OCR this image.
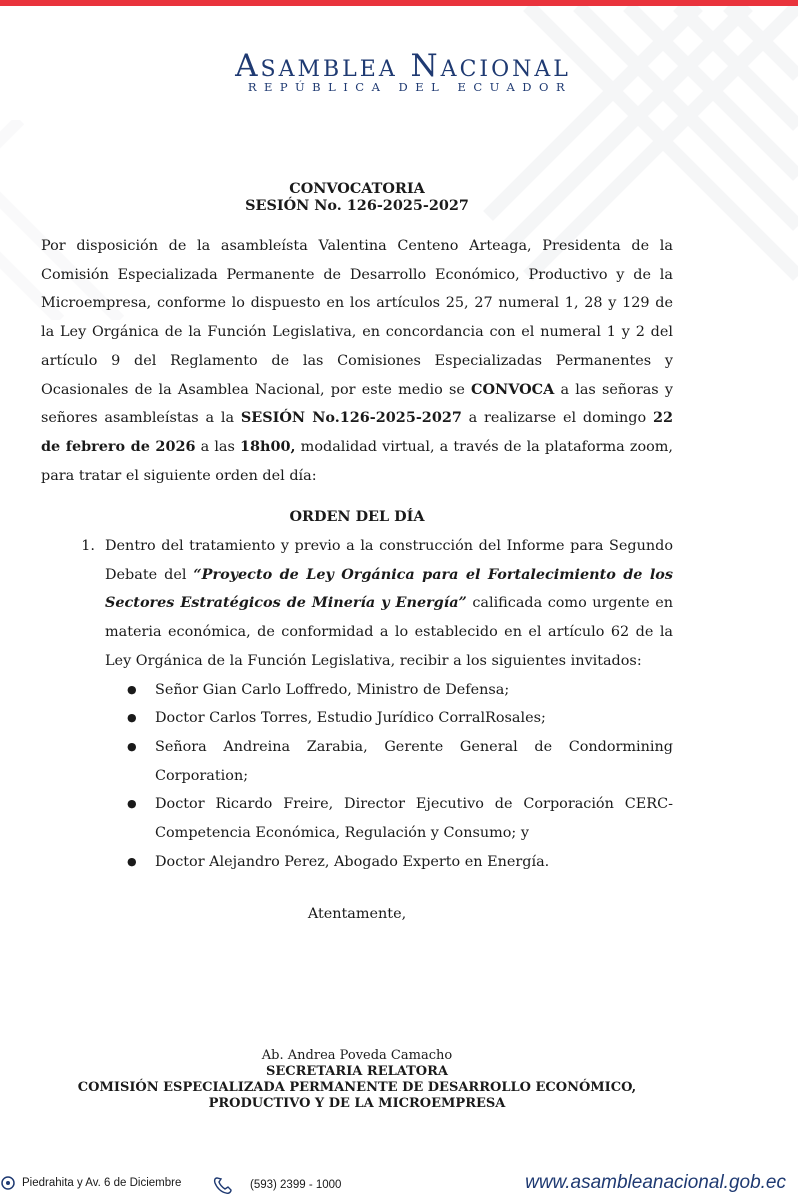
Asamblea Nacional
REPÚBLICA DEL ECUADOR
CONVOCATORIA
SESIÓN No. 126-2025-2027
Por disposición de la asambleísta Valentina Centeno Arteaga, Presidenta de la Comisión Especializada Permanente de Desarrollo Económico, Productivo y de la Microempresa, conforme lo dispuesto en los artículos 25, 27 numeral 1, 28 y 129 de la Ley Orgánica de la Función Legislativa, en concordancia con el numeral 1 y 2 del artículo 9 del Reglamento de las Comisiones Especializadas Permanentes y Ocasionales de la Asamblea Nacional, por este medio se CONVOCA a las señoras y señores asambleístas a la SESIÓN No.126-2025-2027 a realizarse el domingo 22 de febrero de 2026 a las 18h00, modalidad virtual, a través de la plataforma zoom, para tratar el siguiente orden del día:
ORDEN DEL DÍA
1. Dentro del tratamiento y previo a la construcción del Informe para Segundo Debate del “Proyecto de Ley Orgánica para el Fortalecimiento de los Sectores Estratégicos de Minería y Energía” calificada como urgente en materia económica, de conformidad a lo establecido en el artículo 62 de la Ley Orgánica de la Función Legislativa, recibir a los siguientes invitados:
●	Señor Gian Carlo Loffredo, Ministro de Defensa;
●	Doctor Carlos Torres, Estudio Jurídico CorralRosales;
●	Señora Andreina Zarabia, Gerente General de Condormining Corporation;
●	Doctor Ricardo Freire, Director Ejecutivo de Corporación CERC-Competencia Económica, Regulación y Consumo; y
●	Doctor Alejandro Perez, Abogado Experto en Energía.
Atentamente,
Ab. Andrea Poveda Camacho
SECRETARIA RELATORA
COMISIÓN ESPECIALIZADA PERMANENTE DE DESARROLLO ECONÓMICO,
PRODUCTIVO Y DE LA MICROEMPRESA
Piedrahita y Av. 6 de Diciembre	(593) 2399 - 1000	www.asambleanacional.gob.ec
